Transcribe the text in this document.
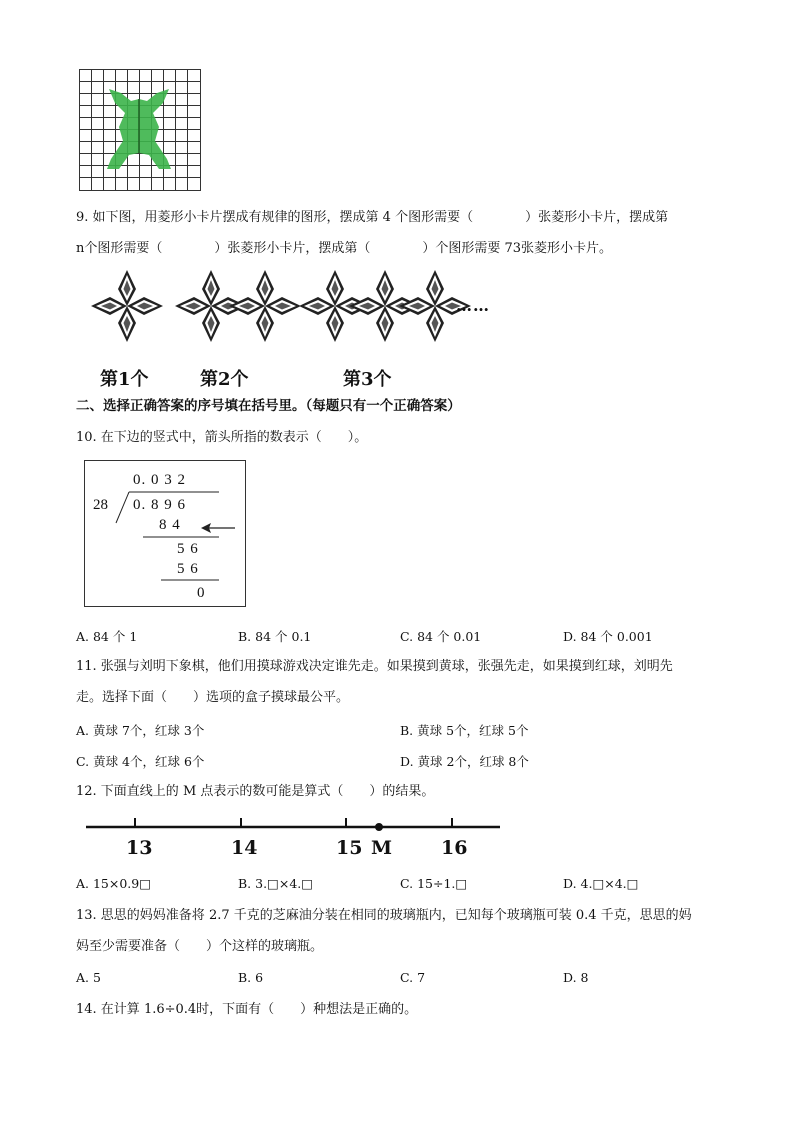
9. 如下图，用菱形小卡片摆成有规律的图形，摆成第 4 个图形需要（　　　　）张菱形小卡片，摆成第
n个图形需要（　　　　）张菱形小卡片，摆成第（　　　　）个图形需要 73张菱形小卡片。
……
第1个	第2个	第3个
二、选择正确答案的序号填在括号里。（每题只有一个正确答案）
10. 在下边的竖式中，箭头所指的数表示（　　）。
0. 0 3 2
28 0. 8 9 6
8 4
5 6
5 6
0
A. 84 个 1	B. 84 个 0.1	C. 84 个 0.01	D. 84 个 0.001
11. 张强与刘明下象棋，他们用摸球游戏决定谁先走。如果摸到黄球，张强先走，如果摸到红球，刘明先
走。选择下面（　　）选项的盒子摸球最公平。
A. 黄球 7个，红球 3个	B. 黄球 5个，红球 5个
C. 黄球 4个，红球 6个	D. 黄球 2个，红球 8个
12. 下面直线上的 M 点表示的数可能是算式（　　）的结果。
13	14	15 M	16
A. 15×0.9□	B. 3.□×4.□	C. 15÷1.□	D. 4.□×4.□
13. 思思的妈妈准备将 2.7 千克的芝麻油分装在相同的玻璃瓶内，已知每个玻璃瓶可装 0.4 千克，思思的妈
妈至少需要准备（　　）个这样的玻璃瓶。
A. 5	B. 6	C. 7	D. 8
14. 在计算 1.6÷0.4时，下面有（　　）种想法是正确的。
